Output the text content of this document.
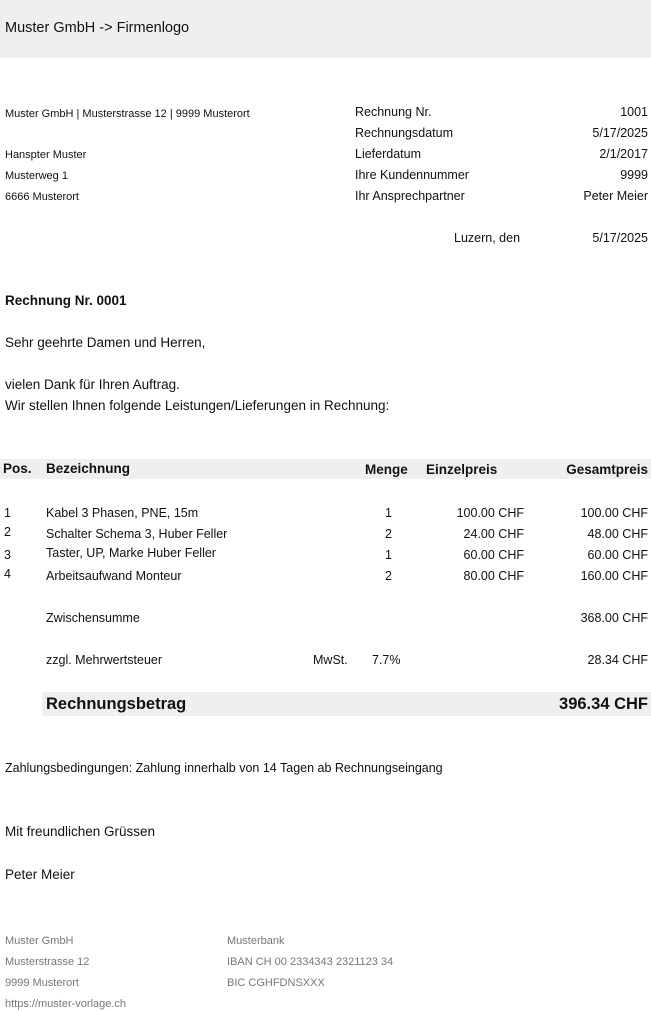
Muster GmbH -> Firmenlogo
Muster GmbH | Musterstrasse 12 | 9999 Musterort
Hanspter Muster
Musterweg 1
6666 Musterort
Rechnung Nr.	1001
Rechnungsdatum	5/17/2025
Lieferdatum	2/1/2017
Ihre Kundennummer	9999
Ihr Ansprechpartner	Peter Meier
Luzern, den	5/17/2025
Rechnung Nr. 0001
Sehr geehrte Damen und Herren,
vielen Dank für Ihren Auftrag.
Wir stellen Ihnen folgende Leistungen/Lieferungen in Rechnung:
Pos. Bezeichnung	Menge Einzelpreis	Gesamtpreis
1	Kabel 3 Phasen, PNE, 15m	1	100.00 CHF	100.00 CHF
2	Schalter Schema 3, Huber Feller	2	24.00 CHF	48.00 CHF
3	Taster, UP, Marke Huber Feller	1	60.00 CHF	60.00 CHF
4	Arbeitsaufwand Monteur	2	80.00 CHF	160.00 CHF
Zwischensumme	368.00 CHF
zzgl. Mehrwertsteuer	MwSt. 7.7%	28.34 CHF
Rechnungsbetrag	396.34 CHF
Zahlungsbedingungen: Zahlung innerhalb von 14 Tagen ab Rechnungseingang
Mit freundlichen Grüssen
Peter Meier
Muster GmbH
Musterstrasse 12
9999 Musterort
https://muster-vorlage.ch
Musterbank
IBAN CH 00 2334343 2321123 34
BIC CGHFDNSXXX
